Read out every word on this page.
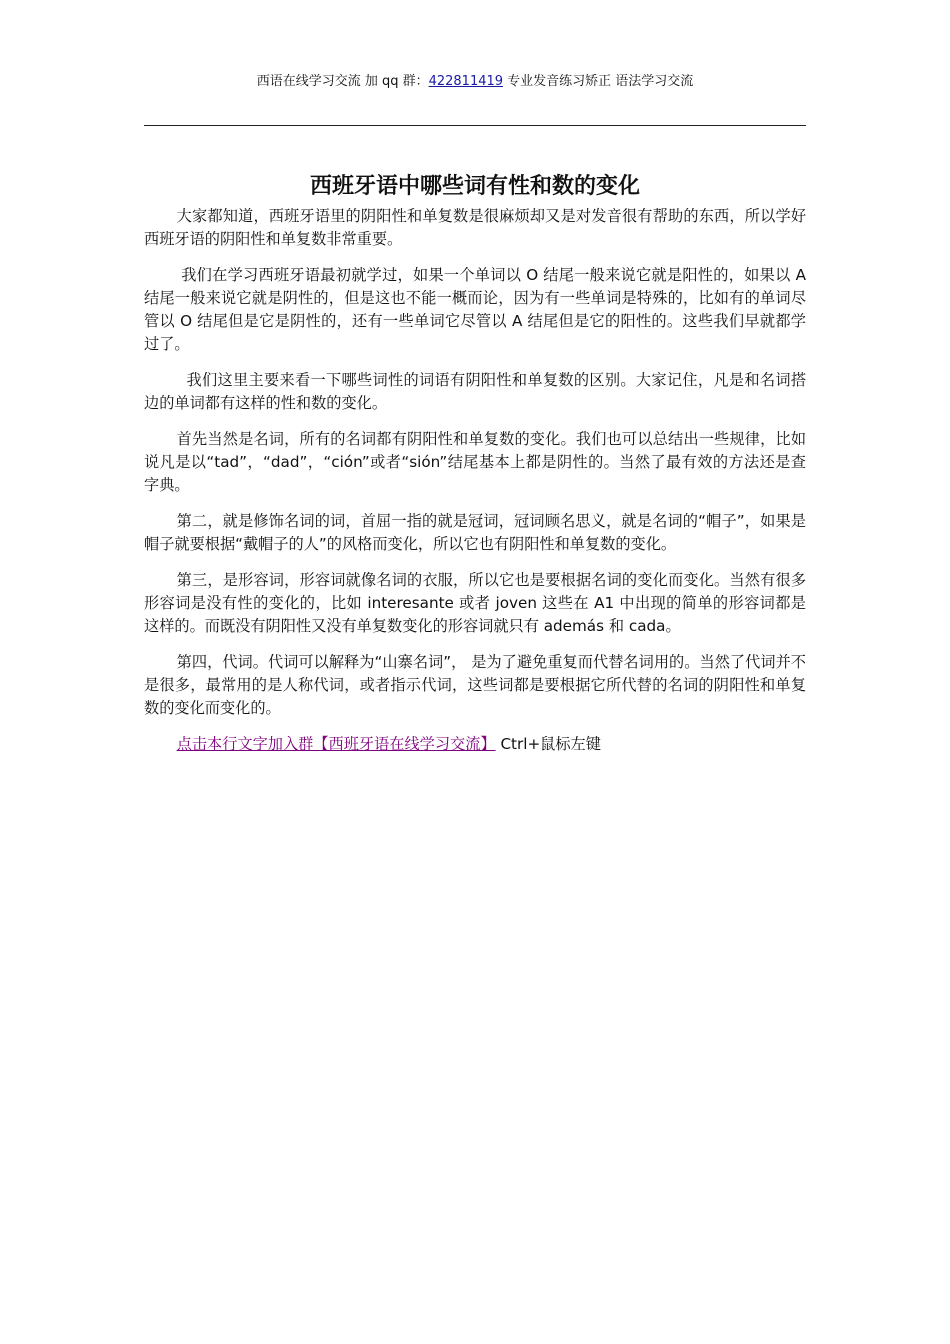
西语在线学习交流 加 qq 群：422811419 专业发音练习矫正 语法学习交流
西班牙语中哪些词有性和数的变化

大家都知道，西班牙语里的阴阳性和单复数是很麻烦却又是对发音很有帮助的东西，所以学好西班牙语的阴阳性和单复数非常重要。

我们在学习西班牙语最初就学过，如果一个单词以 O 结尾一般来说它就是阳性的，如果以 A 结尾一般来说它就是阴性的，但是这也不能一概而论，因为有一些单词是特殊的，比如有的单词尽管以 O 结尾但是它是阴性的，还有一些单词它尽管以 A 结尾但是它的阳性的。这些我们早就都学过了。

我们这里主要来看一下哪些词性的词语有阴阳性和单复数的区别。大家记住，凡是和名词搭边的单词都有这样的性和数的变化。

首先当然是名词，所有的名词都有阴阳性和单复数的变化。我们也可以总结出一些规律，比如说凡是以“tad”，“dad”，“ción”或者“sión”结尾基本上都是阴性的。当然了最有效的方法还是查字典。

第二，就是修饰名词的词，首屈一指的就是冠词，冠词顾名思义，就是名词的“帽子”，如果是帽子就要根据“戴帽子的人”的风格而变化，所以它也有阴阳性和单复数的变化。

第三，是形容词，形容词就像名词的衣服，所以它也是要根据名词的变化而变化。当然有很多形容词是没有性的变化的，比如 interesante 或者 joven 这些在 A1 中出现的简单的形容词都是这样的。而既没有阴阳性又没有单复数变化的形容词就只有 además 和 cada。

第四，代词。代词可以解释为“山寨名词”， 是为了避免重复而代替名词用的。当然了代词并不是很多，最常用的是人称代词，或者指示代词，这些词都是要根据它所代替的名词的阴阳性和单复数的变化而变化的。

点击本行文字加入群【西班牙语在线学习交流】 Ctrl+鼠标左键
